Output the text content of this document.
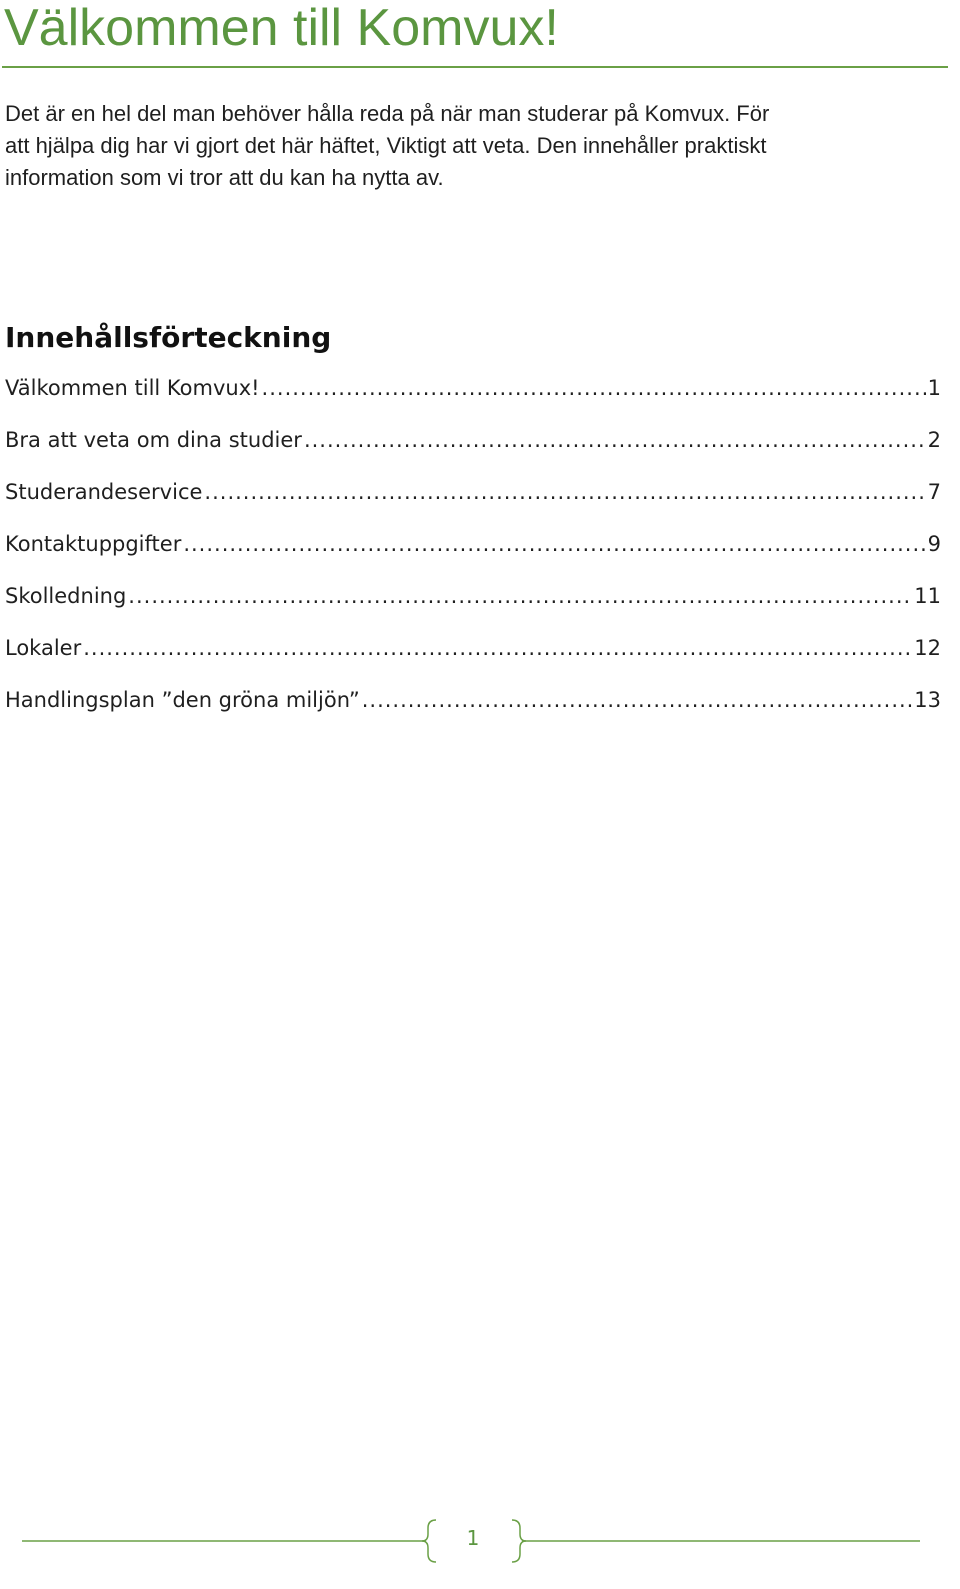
Välkommen till Komvux!

Det är en hel del man behöver hålla reda på när man studerar på Komvux. För
att hjälpa dig har vi gjort det här häftet, Viktigt att veta. Den innehåller praktiskt
information som vi tror att du kan ha nytta av.

Innehållsförteckning
Välkommen till Komvux! .....	1
Bra att veta om dina studier .....	2
Studerandeservice .....	7
Kontaktuppgifter .....	9
Skolledning .....	11
Lokaler .....	12
Handlingsplan ”den gröna miljön” .....	13
1
